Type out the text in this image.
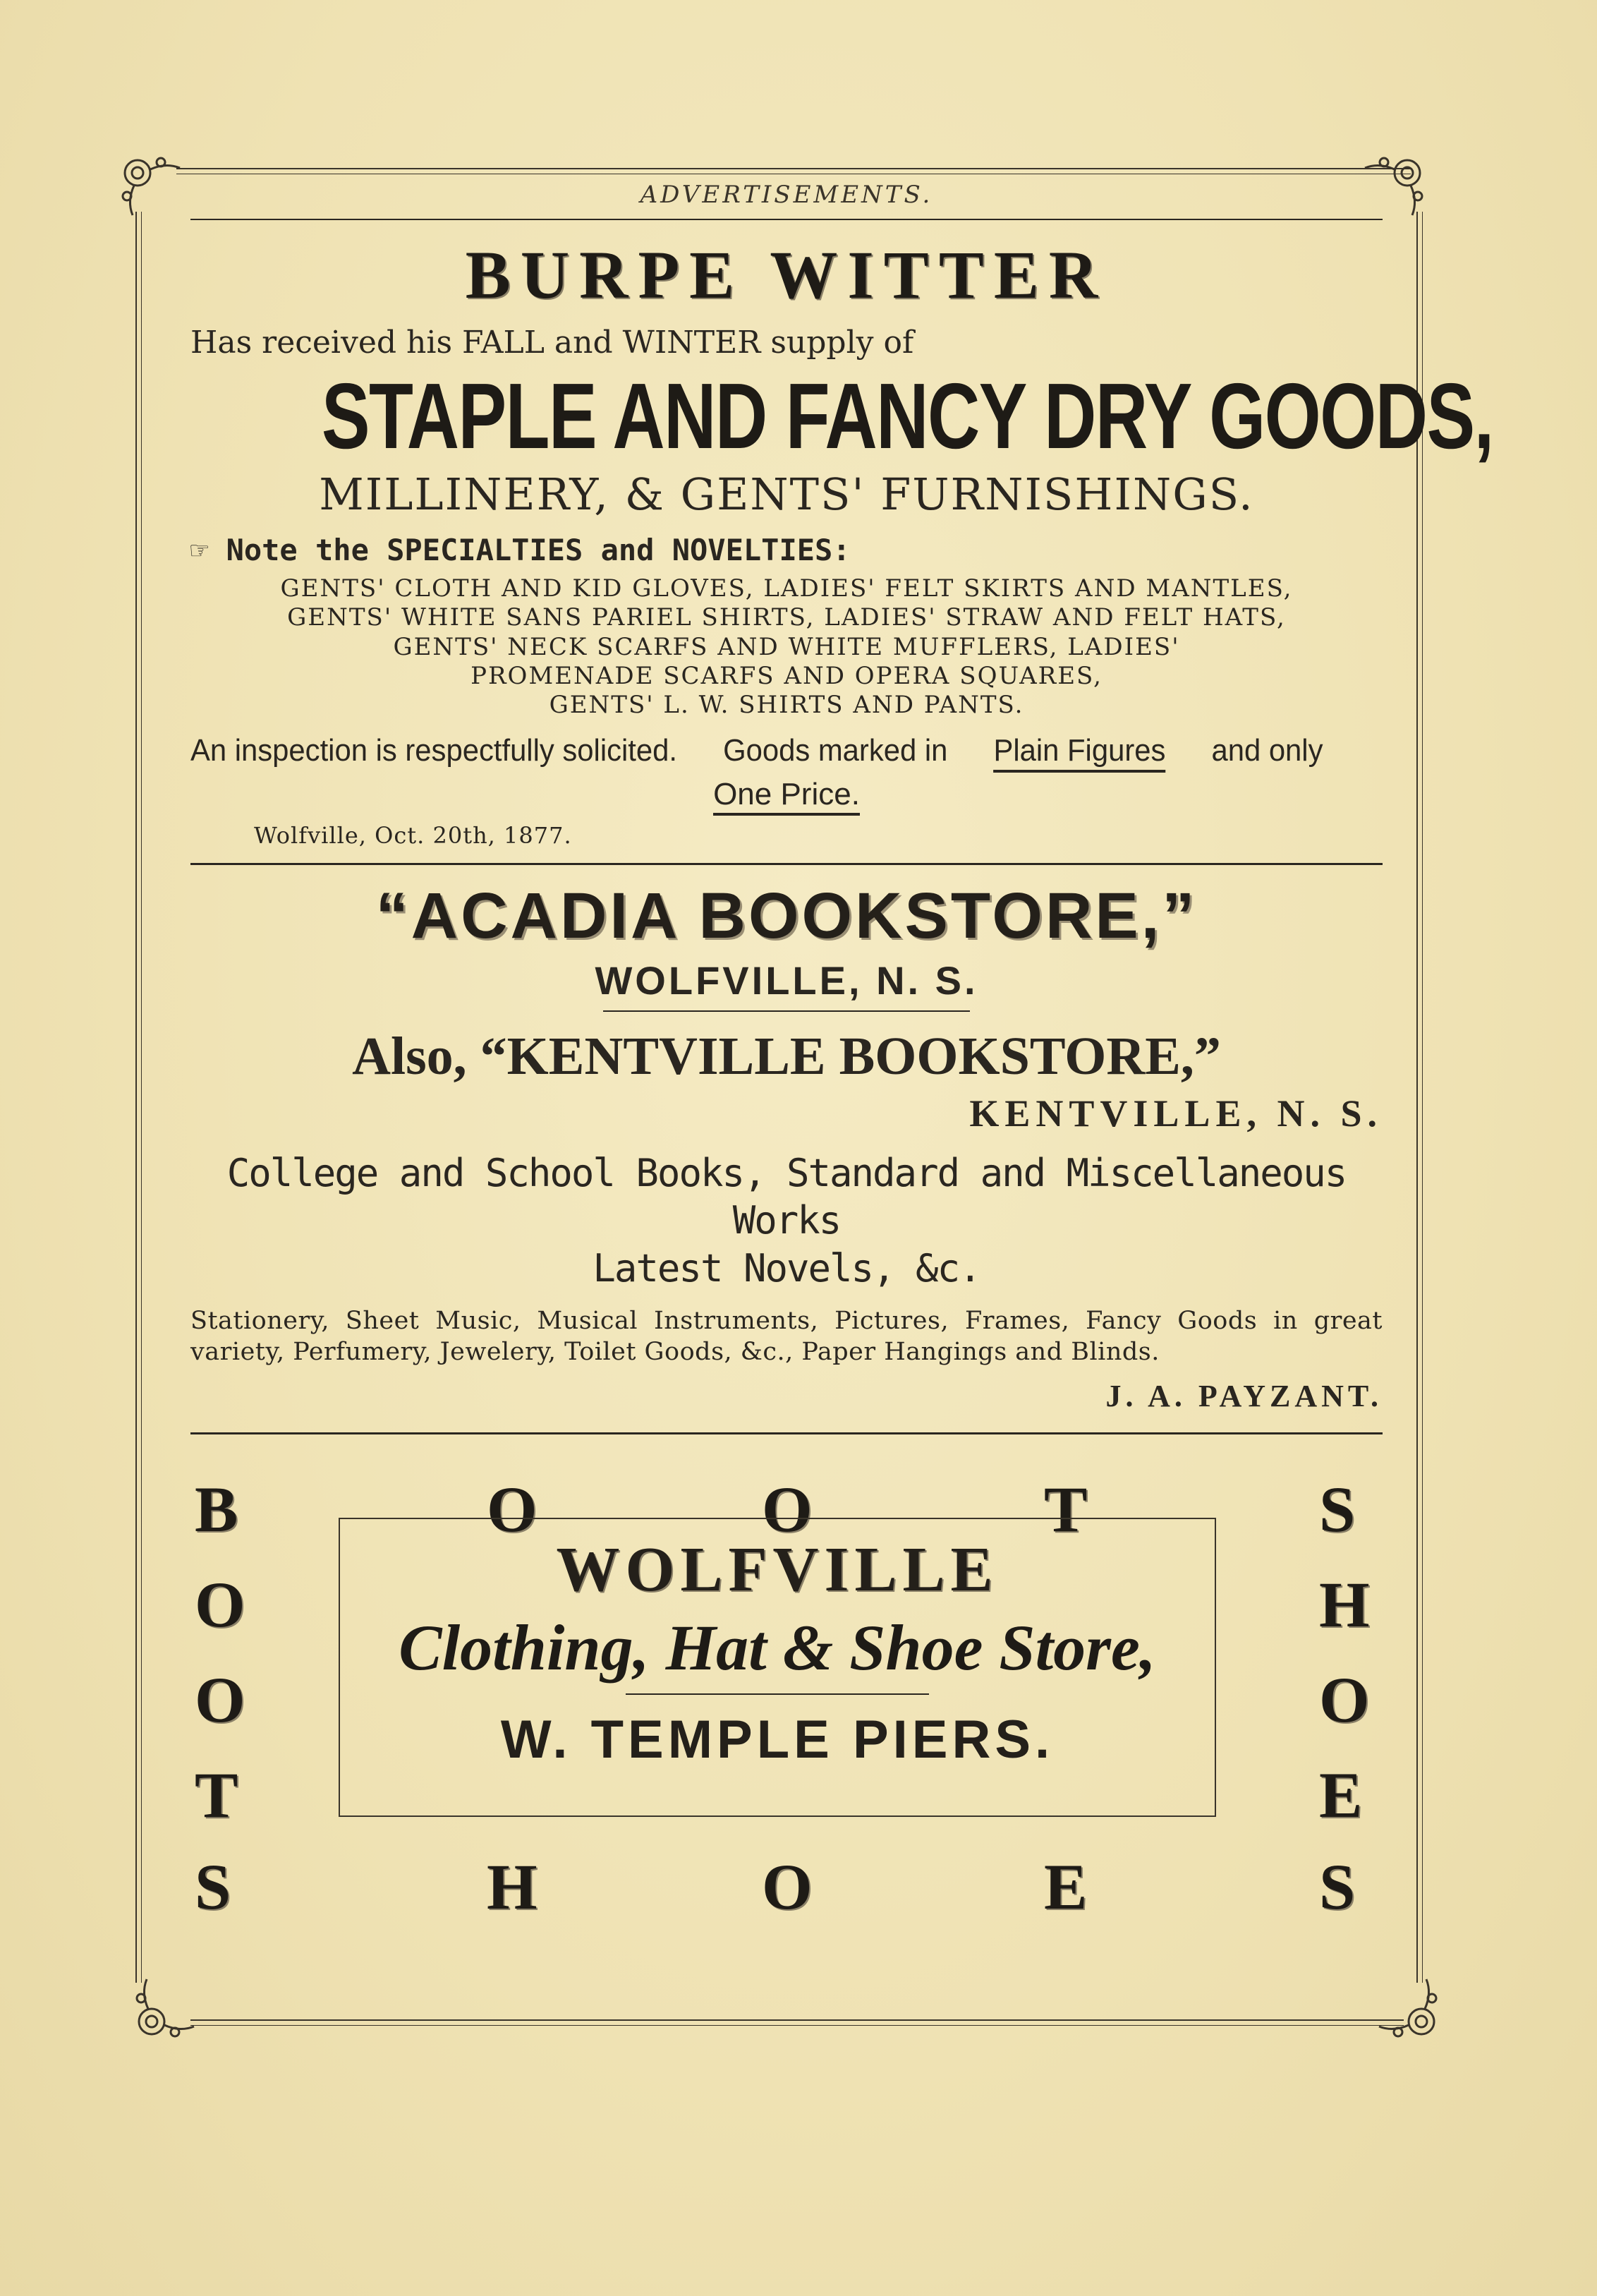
ADVERTISEMENTS.
BURPE WITTER
Has received his FALL and WINTER supply of
STAPLE AND FANCY DRY GOODS,
MILLINERY, & GENTS' FURNISHINGS.
☞ Note the SPECIALTIES and NOVELTIES:
GENTS' CLOTH AND KID GLOVES, LADIES' FELT SKIRTS AND MANTLES,
GENTS' WHITE SANS PARIEL SHIRTS, LADIES' STRAW AND FELT HATS,
GENTS' NECK SCARFS AND WHITE MUFFLERS, LADIES'
PROMENADE SCARFS AND OPERA SQUARES,
GENTS' L. W. SHIRTS AND PANTS.
An inspection is respectfully solicited. Goods marked in Plain Figures and only
One Price.
Wolfville, Oct. 20th, 1877.
“ACADIA BOOKSTORE,”
WOLFVILLE, N. S.
Also, “KENTVILLE BOOKSTORE,”
KENTVILLE, N. S.
College and School Books, Standard and Miscellaneous Works
Latest Novels, &c.
Stationery, Sheet Music, Musical Instruments, Pictures, Frames, Fancy Goods in great variety, Perfumery, Jewelery, Toilet Goods, &c., Paper Hangings and Blinds.
J. A. PAYZANT.
B	O	O	T	S
O
O
T
H
O
E
S	H	O	E	S
WOLFVILLE
Clothing, Hat & Shoe Store,
W. TEMPLE PIERS.
